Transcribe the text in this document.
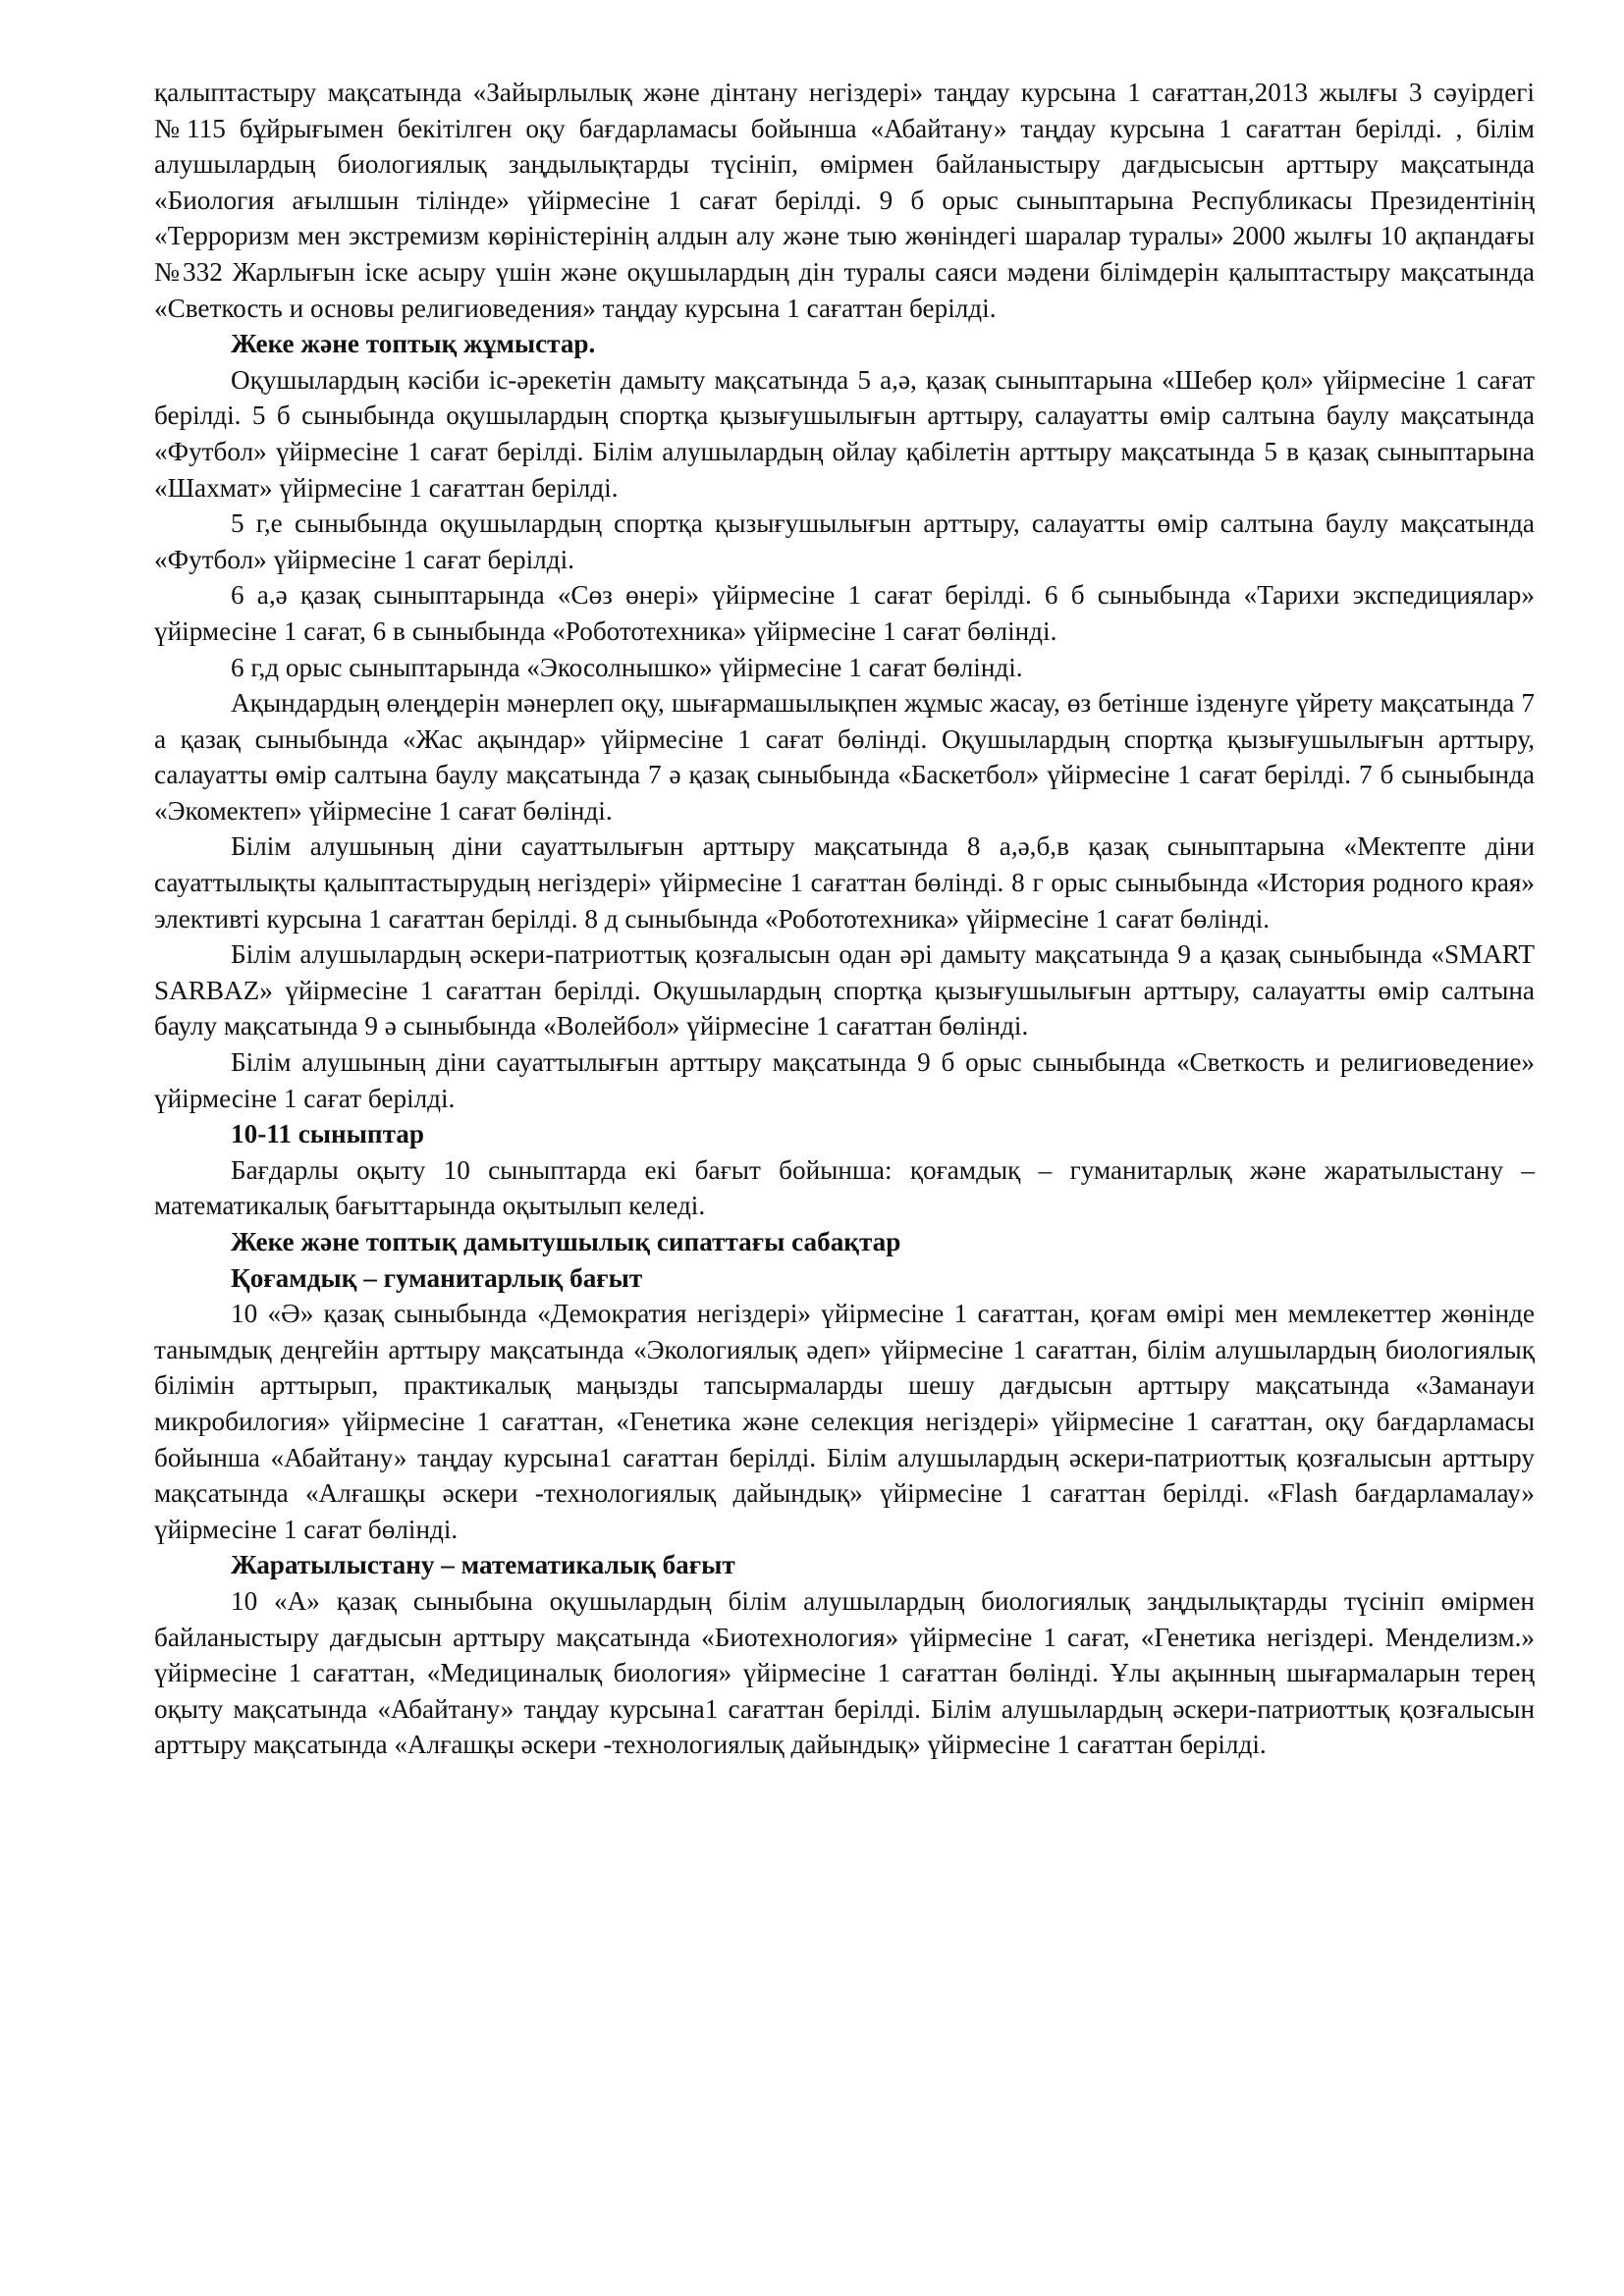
қалыптастыру мақсатында «Зайырлылық және дінтану негіздері» таңдау курсына 1 сағаттан,2013 жылғы 3 сәуірдегі №115 бұйрығымен бекітілген оқу бағдарламасы бойынша «Абайтану» таңдау курсына 1 сағаттан берілді. , білім алушылардың биологиялық заңдылықтарды түсініп, өмірмен байланыстыру дағдысысын арттыру мақсатында «Биология ағылшын тілінде» үйірмесіне 1 сағат берілді. 9 б орыс сыныптарына Республикасы Президентінің «Терроризм мен экстремизм көріністерінің алдын алу және тыю жөніндегі шаралар туралы» 2000 жылғы 10 ақпандағы №332 Жарлығын іске асыру үшін және оқушылардың дін туралы саяси мәдени білімдерін қалыптастыру мақсатында «Светкость и основы религиоведения» таңдау курсына 1 сағаттан берілді.

Жеке және топтық жұмыстар.

Оқушылардың кәсіби іс-әрекетін дамыту мақсатында 5 а,ә, қазақ сыныптарына «Шебер қол» үйірмесіне 1 сағат берілді. 5 б сыныбында оқушылардың спортқа қызығушылығын арттыру, салауатты өмір салтына баулу мақсатында «Футбол» үйірмесіне 1 сағат берілді. Білім алушылардың ойлау қабілетін арттыру мақсатында 5 в қазақ сыныптарына «Шахмат» үйірмесіне 1 сағаттан берілді.

5 г,е сыныбында оқушылардың спортқа қызығушылығын арттыру, салауатты өмір салтына баулу мақсатында «Футбол» үйірмесіне 1 сағат берілді.

6 а,ә қазақ сыныптарында «Сөз өнері» үйірмесіне 1 сағат берілді. 6 б сыныбында «Тарихи экспедициялар» үйірмесіне 1 сағат, 6 в сыныбында «Робототехника» үйірмесіне 1 сағат бөлінді.

6 г,д орыс сыныптарында «Экосолнышко» үйірмесіне 1 сағат бөлінді.

Ақындардың өлеңдерін мәнерлеп оқу, шығармашылықпен жұмыс жасау, өз бетінше ізденуге үйрету мақсатында 7 а қазақ сыныбында «Жас ақындар» үйірмесіне 1 сағат бөлінді. Оқушылардың спортқа қызығушылығын арттыру, салауатты өмір салтына баулу мақсатында 7 ә қазақ сыныбында «Баскетбол» үйірмесіне 1 сағат берілді. 7 б сыныбында «Экомектеп» үйірмесіне 1 сағат бөлінді.

Білім алушының діни сауаттылығын арттыру мақсатында 8 а,ә,б,в қазақ сыныптарына «Мектепте діни сауаттылықты қалыптастырудың негіздері» үйірмесіне 1 сағаттан бөлінді. 8 г орыс сыныбында «История родного края» элективті курсына 1 сағаттан берілді. 8 д сыныбында «Робототехника» үйірмесіне 1 сағат бөлінді.

Білім алушылардың әскери-патриоттық қозғалысын одан әрі дамыту мақсатында 9 а қазақ сыныбында «SMART SARBAZ» үйірмесіне 1 сағаттан берілді. Оқушылардың спортқа қызығушылығын арттыру, салауатты өмір салтына баулу мақсатында 9 ә сыныбында «Волейбол» үйірмесіне 1 сағаттан бөлінді.

Білім алушының діни сауаттылығын арттыру мақсатында 9 б орыс сыныбында «Светкость и религиоведение» үйірмесіне 1 сағат берілді.

10-11 сыныптар

Бағдарлы оқыту 10 сыныптарда екі бағыт бойынша: қоғамдық – гуманитарлық және жаратылыстану – математикалық бағыттарында оқытылып келеді.

Жеке және топтық дамытушылық сипаттағы сабақтар

Қоғамдық – гуманитарлық бағыт

10 «Ә» қазақ сыныбында «Демократия негіздері» үйірмесіне 1 сағаттан, қоғам өмірі мен мемлекеттер жөнінде танымдық деңгейін арттыру мақсатында «Экологиялық әдеп» үйірмесіне 1 сағаттан, білім алушылардың биологиялық білімін арттырып, практикалық маңызды тапсырмаларды шешу дағдысын арттыру мақсатында «Заманауи микробилогия» үйірмесіне 1 сағаттан, «Генетика және селекция негіздері» үйірмесіне 1 сағаттан, оқу бағдарламасы бойынша «Абайтану» таңдау курсына1 сағаттан берілді. Білім алушылардың әскери-патриоттық қозғалысын арттыру мақсатында «Алғашқы әскери -технологиялық дайындық» үйірмесіне 1 сағаттан берілді. «Flash бағдарламалау» үйірмесіне 1 сағат бөлінді.

Жаратылыстану – математикалық бағыт

10 «А» қазақ сыныбына оқушылардың білім алушылардың биологиялық заңдылықтарды түсініп өмірмен байланыстыру дағдысын арттыру мақсатында «Биотехнология» үйірмесіне 1 сағат, «Генетика негіздері. Менделизм.» үйірмесіне 1 сағаттан, «Медициналық биология» үйірмесіне 1 сағаттан бөлінді. Ұлы ақынның шығармаларын терең оқыту мақсатында «Абайтану» таңдау курсына1 сағаттан берілді. Білім алушылардың әскери-патриоттық қозғалысын арттыру мақсатында «Алғашқы әскери -технологиялық дайындық» үйірмесіне 1 сағаттан берілді.
